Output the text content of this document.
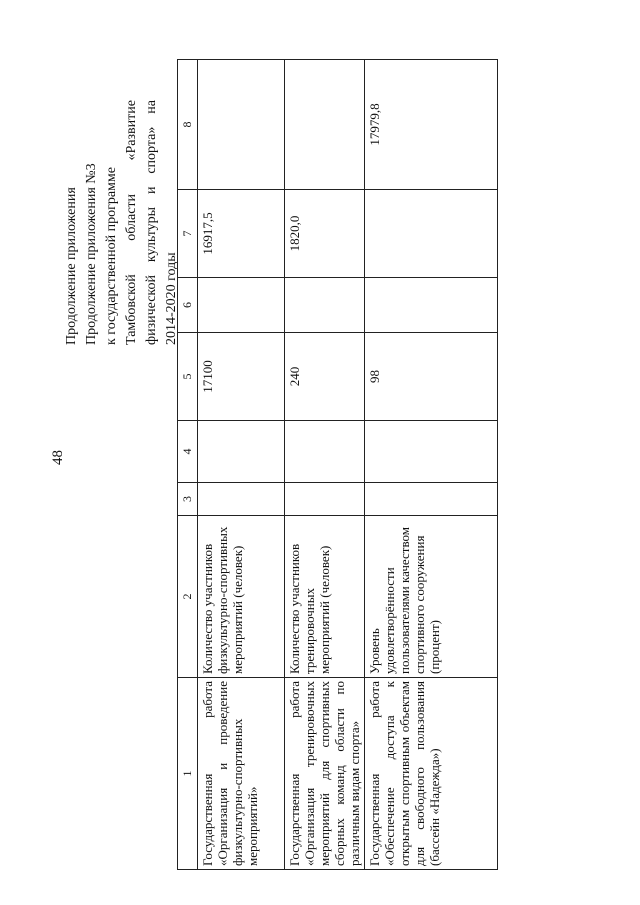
48
Продолжение приложения Продолжение приложения №3 к государственной программе Тамбовской
области
«Развитие
физической
культуры
и
спорта»
на
2014-2020 годы
1	2	3	4	5	6	7	8
Государственная работа «Организация и проведение физкультурно-спортивных мероприятий»	Количество участников физкультурно-спортивных мероприятий (человек)			17100		16917,5	
Государственная работа «Организация тренировочных мероприятий для спортивных сборных команд области по различным видам спорта»	Количество участников тренировочных мероприятий (человек)			240		1820,0	
Государственная работа «Обеспечение доступа к открытым спортивным объектам для свободного пользования (бассейн «Надежда»)	Уровень удовлетворённости пользователями качеством спортивного сооружения (процент)			98			17979,8
